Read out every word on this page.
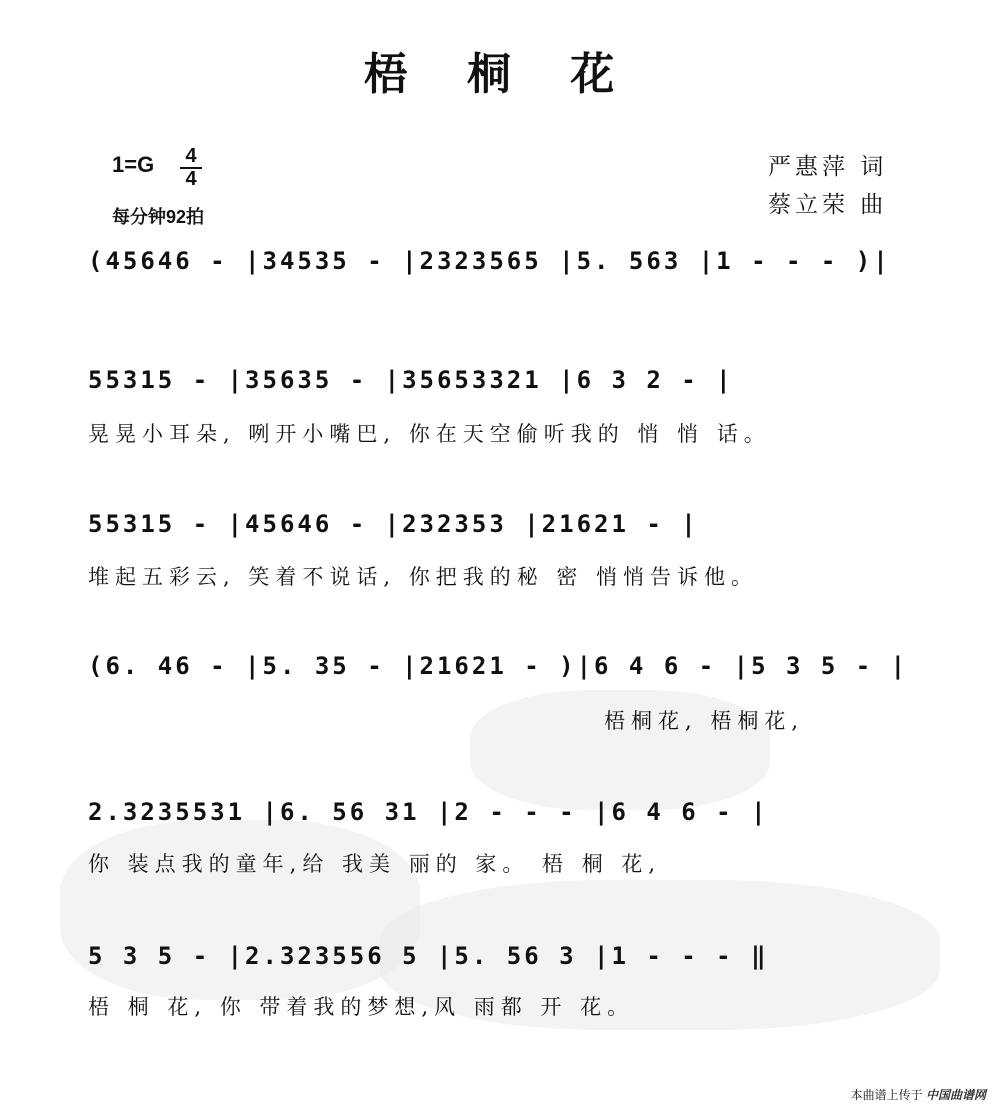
梧 桐 花
$1=G \frac{4}{4}$
每分钟92拍
严惠萍 词
蔡立荣 曲
(45646 - |34535 - |2323565 |5. 563 |1 - - - )|
55315 - |35635 - |35653321 |6 3 2 - |
晃晃小耳朵, 咧开小嘴巴, 你在天空偷听我的 悄 悄 话。
55315 - |45646 - |232353 |21621 - |
堆起五彩云, 笑着不说话, 你把我的秘 密 悄悄告诉他。
(6. 46 - |5. 35 - |21621 - )|6 4 6 - |5 3 5 - |
梧桐花, 梧桐花,
2.3235531 |6. 56 31 |2 - - - |6 4 6 - |
你 装点我的童年,给 我美 丽的 家。 梧 桐 花,
5 3 5 - |2.323556 5 |5. 56 3 |1 - - - ‖
梧 桐 花, 你 带着我的梦想,风 雨都 开 花。
本曲谱上传于 中国曲谱网
